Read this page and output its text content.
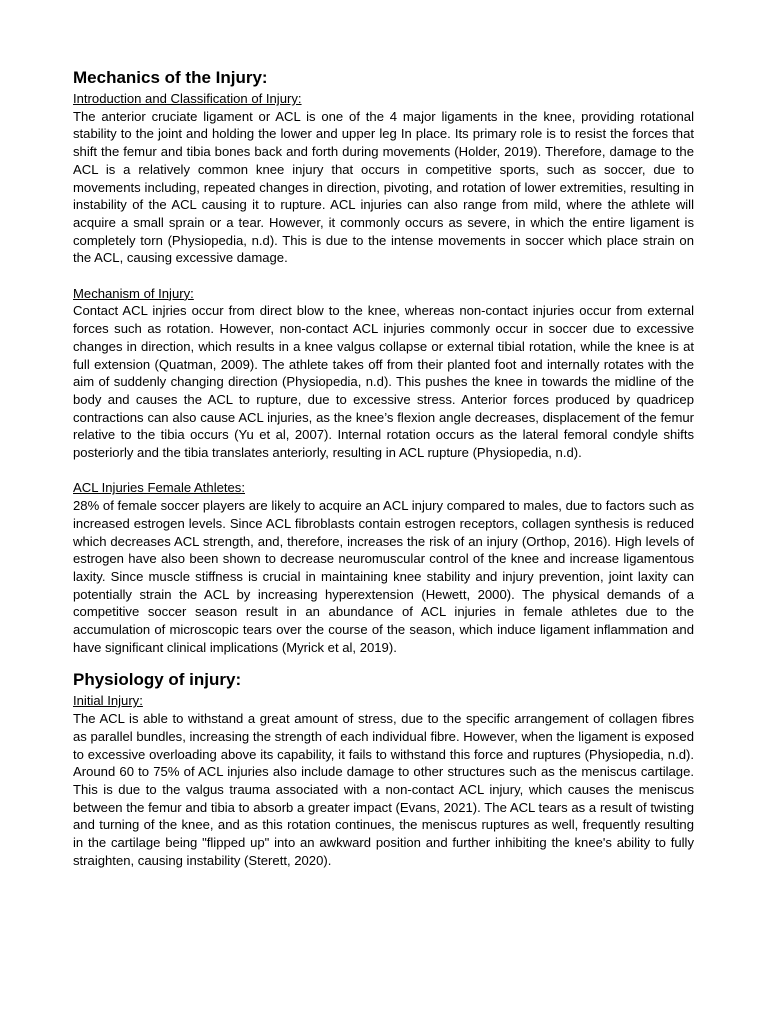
Mechanics of the Injury:

Introduction and Classification of Injury:

The anterior cruciate ligament or ACL is one of the 4 major ligaments in the knee, providing rotational stability to the joint and holding the lower and upper leg In place. Its primary role is to resist the forces that shift the femur and tibia bones back and forth during movements (Holder, 2019). Therefore, damage to the ACL is a relatively common knee injury that occurs in competitive sports, such as soccer, due to movements including, repeated changes in direction, pivoting, and rotation of lower extremities, resulting in instability of the ACL causing it to rupture. ACL injuries can also range from mild, where the athlete will acquire a small sprain or a tear. However, it commonly occurs as severe, in which the entire ligament is completely torn (Physiopedia, n.d). This is due to the intense movements in soccer which place strain on the ACL, causing excessive damage.

Mechanism of Injury:

Contact ACL injries occur from direct blow to the knee, whereas non-contact injuries occur from external forces such as rotation. However, non-contact ACL injuries commonly occur in soccer due to excessive changes in direction, which results in a knee valgus collapse or external tibial rotation, while the knee is at full extension (Quatman, 2009). The athlete takes off from their planted foot and internally rotates with the aim of suddenly changing direction (Physiopedia, n.d). This pushes the knee in towards the midline of the body and causes the ACL to rupture, due to excessive stress. Anterior forces produced by quadricep contractions can also cause ACL injuries, as the knee’s flexion angle decreases, displacement of the femur relative to the tibia occurs (Yu et al, 2007). Internal rotation occurs as the lateral femoral condyle shifts posteriorly and the tibia translates anteriorly, resulting in ACL rupture (Physiopedia, n.d).

ACL Injuries Female Athletes:

28% of female soccer players are likely to acquire an ACL injury compared to males, due to factors such as increased estrogen levels. Since ACL fibroblasts contain estrogen receptors, collagen synthesis is reduced which decreases ACL strength, and, therefore, increases the risk of an injury (Orthop, 2016). High levels of estrogen have also been shown to decrease neuromuscular control of the knee and increase ligamentous laxity. Since muscle stiffness is crucial in maintaining knee stability and injury prevention, joint laxity can potentially strain the ACL by increasing hyperextension (Hewett, 2000). The physical demands of a competitive soccer season result in an abundance of ACL injuries in female athletes due to the accumulation of microscopic tears over the course of the season, which induce ligament inflammation and have significant clinical implications (Myrick et al, 2019).

Physiology of injury:

Initial Injury:

The ACL is able to withstand a great amount of stress, due to the specific arrangement of collagen fibres as parallel bundles, increasing the strength of each individual fibre. However, when the ligament is exposed to excessive overloading above its capability, it fails to withstand this force and ruptures (Physiopedia, n.d). Around 60 to 75% of ACL injuries also include damage to other structures such as the meniscus cartilage. This is due to the valgus trauma associated with a non-contact ACL injury, which causes the meniscus between the femur and tibia to absorb a greater impact (Evans, 2021). The ACL tears as a result of twisting and turning of the knee, and as this rotation continues, the meniscus ruptures as well, frequently resulting in the cartilage being "flipped up" into an awkward position and further inhibiting the knee's ability to fully straighten, causing instability (Sterett, 2020).
